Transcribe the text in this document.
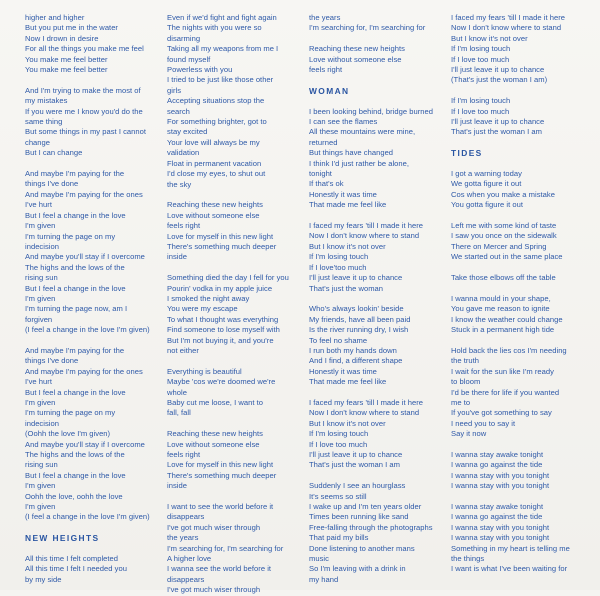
higher and higher

But you put me in the water

Now I drown in desire

For all the things you make me feel

You make me feel better

You make me feel better

And I'm trying to make the most of

my mistakes

If you were me I know you'd do the

same thing

But some things in my past I cannot

change

But I can change

And maybe I'm paying for the

things I've done

And maybe I'm paying for the ones

I've hurt

But I feel a change in the love

I'm given

I'm turning the page on my

indecision

And maybe you'll stay if I overcome

The highs and the lows of the

rising sun

But I feel a change in the love

I'm given

I'm turning the page now, am I

forgiven

(I feel a change in the love I'm given)

And maybe I'm paying for the

things I've done

And maybe I'm paying for the ones

I've hurt

But I feel a change in the love

I'm given

I'm turning the page on my

indecision

(Oohh the love I'm given)

And maybe you'll stay if I overcome

The highs and the lows of the

rising sun

But I feel a change in the love

I'm given

Oohh the love, oohh the love

I'm given

(I feel a change in the love I'm given)

NEW HEIGHTS

All this time I felt completed

All this time I felt I needed you

by my side

Even if we'd fight and fight again

The nights with you were so

disarming

Taking all my weapons from me I

found myself

Powerless with you

I tried to be just like those other

girls

Accepting situations stop the

search

For something brighter, got to

stay excited

Your love will always be my

validation

Float in permanent vacation

I'd close my eyes, to shut out

the sky

Reaching these new heights

Love without someone else

feels right

Love for myself in this new light

There's something much deeper

inside

Something died the day I fell for you

Pourin' vodka in my apple juice

I smoked the night away

You were my escape

To what I thought was everything

Find someone to lose myself with

But I'm not buying it, and you're

not either

Everything is beautiful

Maybe 'cos we're doomed we're

whole

Baby cut me loose, I want to

fall, fall

Reaching these new heights

Love without someone else

feels right

Love for myself in this new light

There's something much deeper

inside

I want to see the world before it

disappears

I've got much wiser through

the years

I'm searching for, I'm searching for

A higher love

I wanna see the world before it

disappears

I've got much wiser through

the years

I'm searching for, I'm searching for

Reaching these new heights

Love without someone else

feels right

WOMAN

I been looking behind, bridge burned

I can see the flames

All these mountains were mine,

returned

But things have changed

I think I'd just rather be alone,

tonight

If that's ok

Honestly it was time

That made me feel like

I faced my fears 'till I made it here

Now I don't know where to stand

But I know it's not over

If I'm losing touch

If I love'too much

I'll just leave it up to chance

That's just the woman

Who's always lookin' beside

My friends, have all been paid

Is the river running dry, I wish

To feel no shame

I run both my hands down

And I find, a different shape

Honestly it was time

That made me feel like

I faced my fears 'till I made it here

Now I don't know where to stand

But I know it's not over

If I'm losing touch

If I love too much

I'll just leave it up to chance

That's just the woman I am

Suddenly I see an hourglass

It's seems so still

I wake up and I'm ten years older

Times been running like sand

Free-falling through the photographs

That paid my bills

Done listening to another mans

music

So I'm leaving with a drink in

my hand

I faced my fears 'till I made it here

Now I don't know where to stand

But I know it's not over

If I'm losing touch

If I love too much

I'll just leave it up to chance

(That's just the woman I am)

If I'm losing touch

If I love too much

I'll just leave it up to chance

That's just the woman I am

TIDES

I got a warning today

We gotta figure it out

Cos when you make a mistake

You gotta figure it out

Left me with some kind of taste

I saw you once on the sidewalk

There on Mercer and Spring

We started out in the same place

Take those elbows off the table

I wanna mould in your shape,

You gave me reason to ignite

I know the weather could change

Stuck in a permanent high tide

Hold back the lies cos I'm needing

the truth

I wait for the sun like I'm ready

to bloom

I'd be there for life if you wanted

me to

If you've got something to say

I need you to say it

Say it now

I wanna stay awake tonight

I wanna go against the tide

I wanna stay with you tonight

I wanna stay with you tonight

I wanna stay awake tonight

I wanna go against the tide

I wanna stay with you tonight

I wanna stay with you tonight

Something in my heart is telling me

the things

I want is what I've been waiting for
